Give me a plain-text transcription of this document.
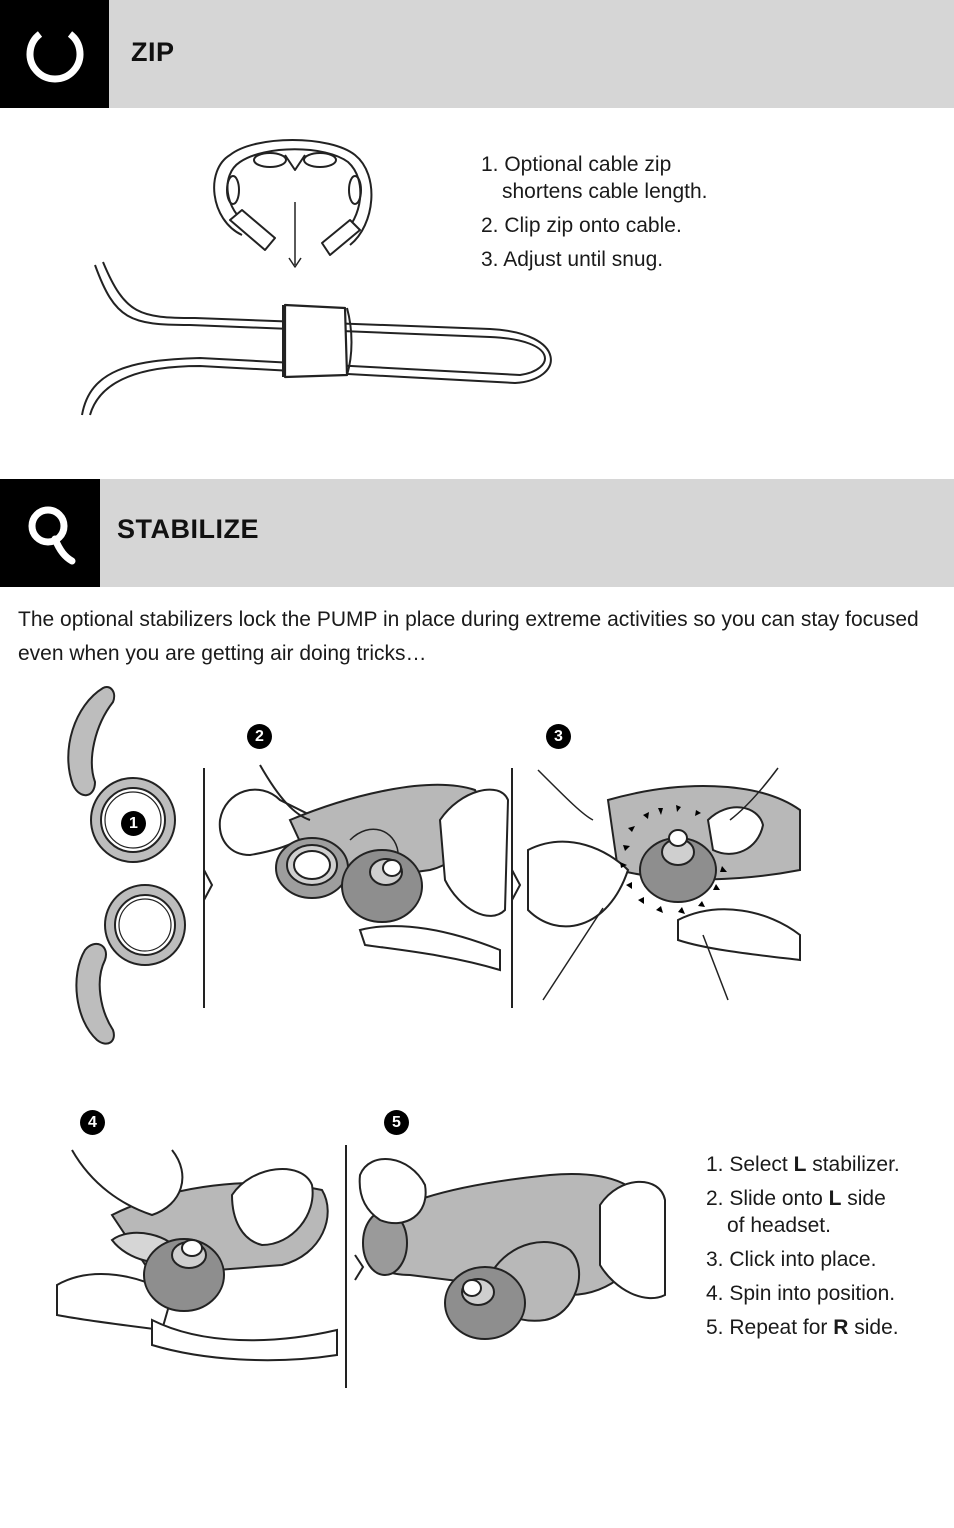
ZIP
1. Optional cable zip
shortens cable length.
2. Clip zip onto cable.
3. Adjust until snug.
STABILIZE
The optional stabilizers lock the PUMP in place during extreme activities so you can stay focused even when you are getting air doing tricks…
1
2	3
4	5
1. Select L stabilizer.
2. Slide onto L side
of headset.
3. Click into place.
4. Spin into position.
5. Repeat for R side.
